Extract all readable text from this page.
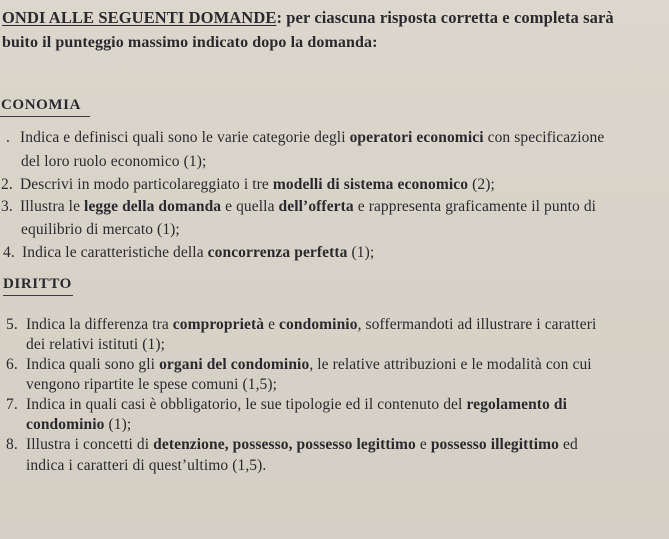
ONDI ALLE SEGUENTI DOMANDE: per ciascuna risposta corretta e completa sarà
buito il punteggio massimo indicato dopo la domanda:
CONOMIA
. Indica e definisci quali sono le varie categorie degli operatori economici con specificazione
del loro ruolo economico (1);
2. Descrivi in modo particolareggiato i tre modelli di sistema economico (2);
3. Illustra le legge della domanda e quella dell’offerta e rappresenta graficamente il punto di
equilibrio di mercato (1);
4. Indica le caratteristiche della concorrenza perfetta (1);
DIRITTO
5. Indica la differenza tra comproprietà e condominio, soffermandoti ad illustrare i caratteri
dei relativi istituti (1);
6. Indica quali sono gli organi del condominio, le relative attribuzioni e le modalità con cui
vengono ripartite le spese comuni (1,5);
7. Indica in quali casi è obbligatorio, le sue tipologie ed il contenuto del regolamento di
condominio (1);
8. Illustra i concetti di detenzione, possesso, possesso legittimo e possesso illegittimo ed
indica i caratteri di quest’ultimo (1,5).
